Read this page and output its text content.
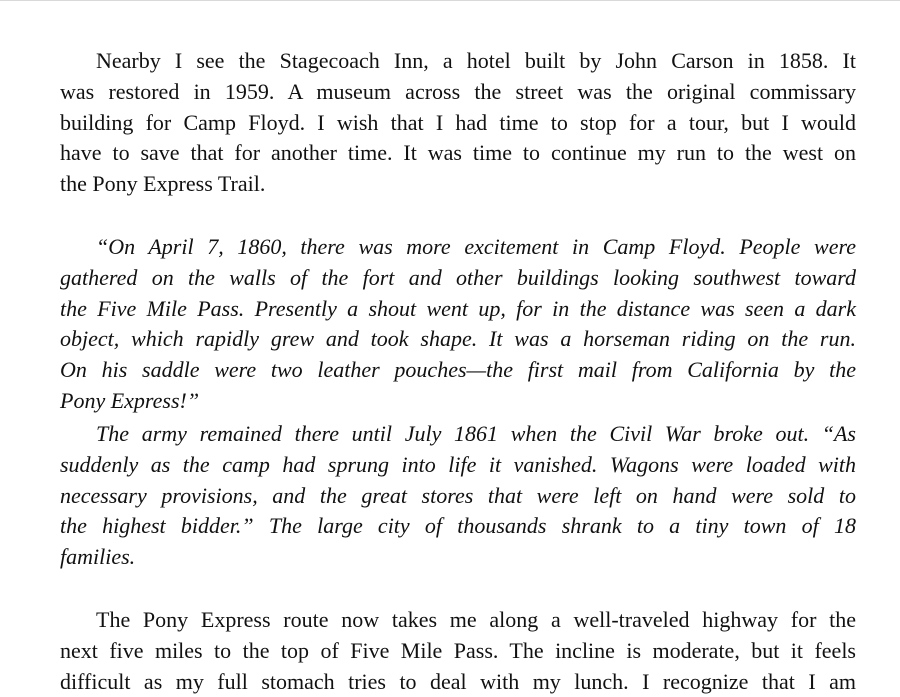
Nearby I see the Stagecoach Inn, a hotel built by John Carson in 1858. It
was restored in 1959. A museum across the street was the original commissary
building for Camp Floyd. I wish that I had time to stop for a tour, but I would
have to save that for another time. It was time to continue my run to the west on
the Pony Express Trail.

“On April 7, 1860, there was more excitement in Camp Floyd. People were
gathered on the walls of the fort and other buildings looking southwest toward
the Five Mile Pass. Presently a shout went up, for in the distance was seen a dark
object, which rapidly grew and took shape. It was a horseman riding on the run.
On his saddle were two leather pouches—the first mail from California by the
Pony Express!”

The army remained there until July 1861 when the Civil War broke out. “As
suddenly as the camp had sprung into life it vanished. Wagons were loaded with
necessary provisions, and the great stores that were left on hand were sold to
the highest bidder.” The large city of thousands shrank to a tiny town of 18
families.

The Pony Express route now takes me along a well-traveled highway for the
next five miles to the top of Five Mile Pass. The incline is moderate, but it feels
difficult as my full stomach tries to deal with my lunch. I recognize that I am
